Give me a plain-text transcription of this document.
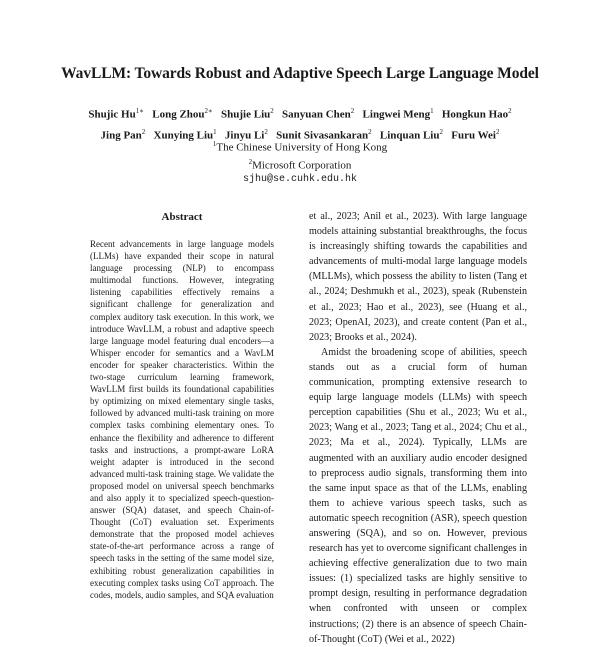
WavLLM: Towards Robust and Adaptive Speech Large Language Model
Shujic $Hu^{1∗}$  Long Zhou$^{2∗}$  Shujie Liu$^2$  Sanyuan Chen$^2$  Lingwei Meng$^1$  Hongkun Hao$^2$
Jing Pan$^2$  Xunying Liu$^1$  Jinyu Li$^2$  Sunit Sivasankaran$^2$  Linquan Liu$^2$  Furu Wei$^2$
$^1$The Chinese University of Hong Kong
$^2$Microsoft Corporation
sjhu@se.cuhk.edu.hk
Abstract
Recent advancements in large language models (LLMs) have expanded their scope in natural language processing (NLP) to encompass multimodal functions. However, integrating listening capabilities effectively remains a significant challenge for generalization and complex auditory task execution. In this work, we introduce WavLLM, a robust and adaptive speech large language model featuring dual encoders—a Whisper encoder for semantics and a WavLM encoder for speaker characteristics. Within the two-stage curriculum learning framework, WavLLM first builds its foundational capabilities by optimizing on mixed elementary single tasks, followed by advanced multi-task training on more complex tasks combining elementary ones. To enhance the flexibility and adherence to different tasks and instructions, a prompt-aware LoRA weight adapter is introduced in the second advanced multi-task training stage. We validate the proposed model on universal speech benchmarks and also apply it to specialized speech-question-answer (SQA) dataset, and speech Chain-of-Thought (CoT) evaluation set. Experiments demonstrate that the proposed model achieves state-of-the-art performance across a range of speech tasks in the setting of the same model size, exhibiting robust generalization capabilities in executing complex tasks using CoT approach. The codes, models, audio samples, and SQA evaluation

et al., 2023; Anil et al., 2023). With large language models attaining substantial breakthroughs, the focus is increasingly shifting towards the capabilities and advancements of multi-modal large language models (MLLMs), which possess the ability to listen (Tang et al., 2024; Deshmukh et al., 2023), speak (Rubenstein et al., 2023; Hao et al., 2023), see (Huang et al., 2023; OpenAI, 2023), and create content (Pan et al., 2023; Brooks et al., 2024).

Amidst the broadening scope of abilities, speech stands out as a crucial form of human communication, prompting extensive research to equip large language models (LLMs) with speech perception capabilities (Shu et al., 2023; Wu et al., 2023; Wang et al., 2023; Tang et al., 2024; Chu et al., 2023; Ma et al., 2024). Typically, LLMs are augmented with an auxiliary audio encoder designed to preprocess audio signals, transforming them into the same input space as that of the LLMs, enabling them to achieve various speech tasks, such as automatic speech recognition (ASR), speech question answering (SQA), and so on. However, previous research has yet to overcome significant challenges in achieving effective generalization due to two main issues: (1) specialized tasks are highly sensitive to prompt design, resulting in performance degradation when confronted with unseen or complex instructions; (2) there is an absence of speech Chain-of-Thought (CoT) (Wei et al., 2022)
